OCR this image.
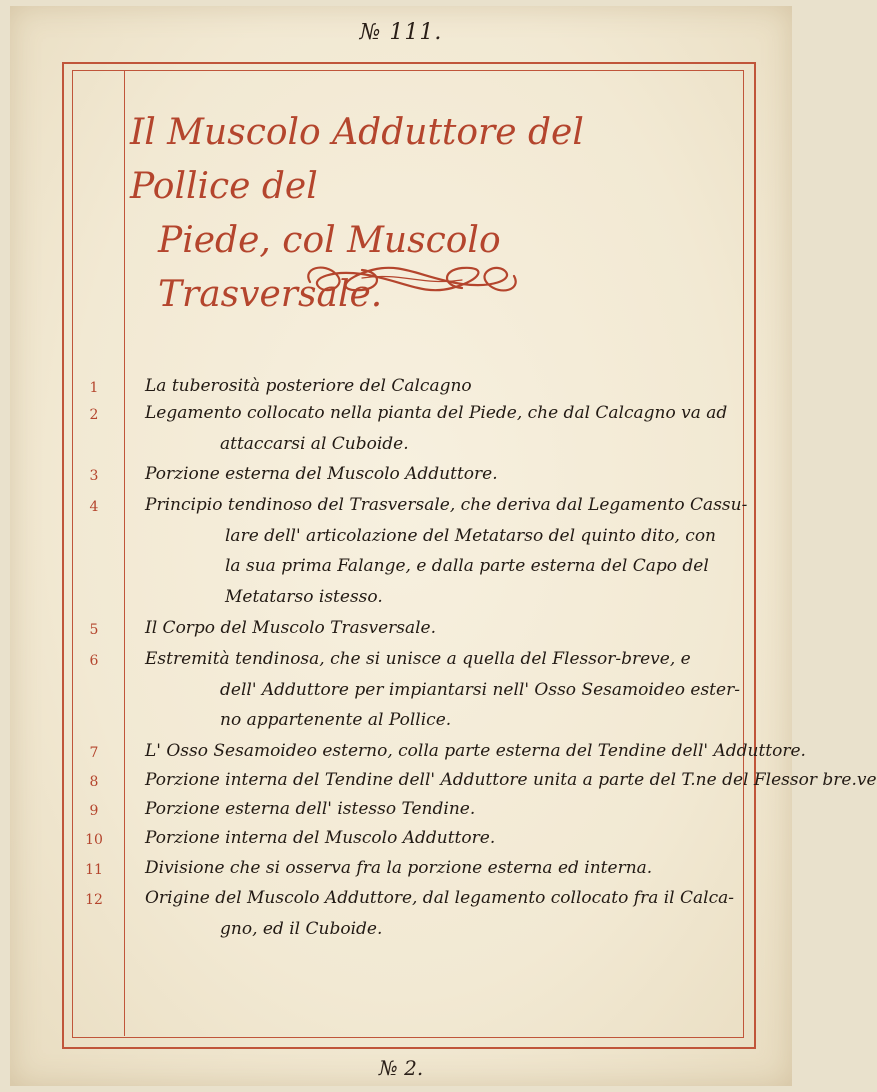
№ 111.
Il Muscolo Adduttore del Pollice del
Piede, col Muscolo Trasversale.
1	La tuberosità posteriore del Calcagno
2	Legamento collocato nella pianta del Piede, che dal Calcagno va ad
attaccarsi al Cuboide.
3	Porzione esterna del Muscolo Adduttore.
4	Principio tendinoso del Trasversale, che deriva dal Legamento Cassu-
lare dell' articolazione del Metatarso del quinto dito, con
la sua prima Falange, e dalla parte esterna del Capo del
Metatarso istesso.
5	Il Corpo del Muscolo Trasversale.
6	Estremità tendinosa, che si unisce a quella del Flessor-breve, e
dell' Adduttore per impiantarsi nell' Osso Sesamoideo ester-
no appartenente al Pollice.
7	L' Osso Sesamoideo esterno, colla parte esterna del Tendine dell' Adduttore.
8	Porzione interna del Tendine dell' Adduttore unita a parte del T.ne del Flessor bre.ve
9	Porzione esterna dell' istesso Tendine.
10	Porzione interna del Muscolo Adduttore.
11	Divisione che si osserva fra la porzione esterna ed interna.
12	Origine del Muscolo Adduttore, dal legamento collocato fra il Calca-
gno, ed il Cuboide.
№ 2.
